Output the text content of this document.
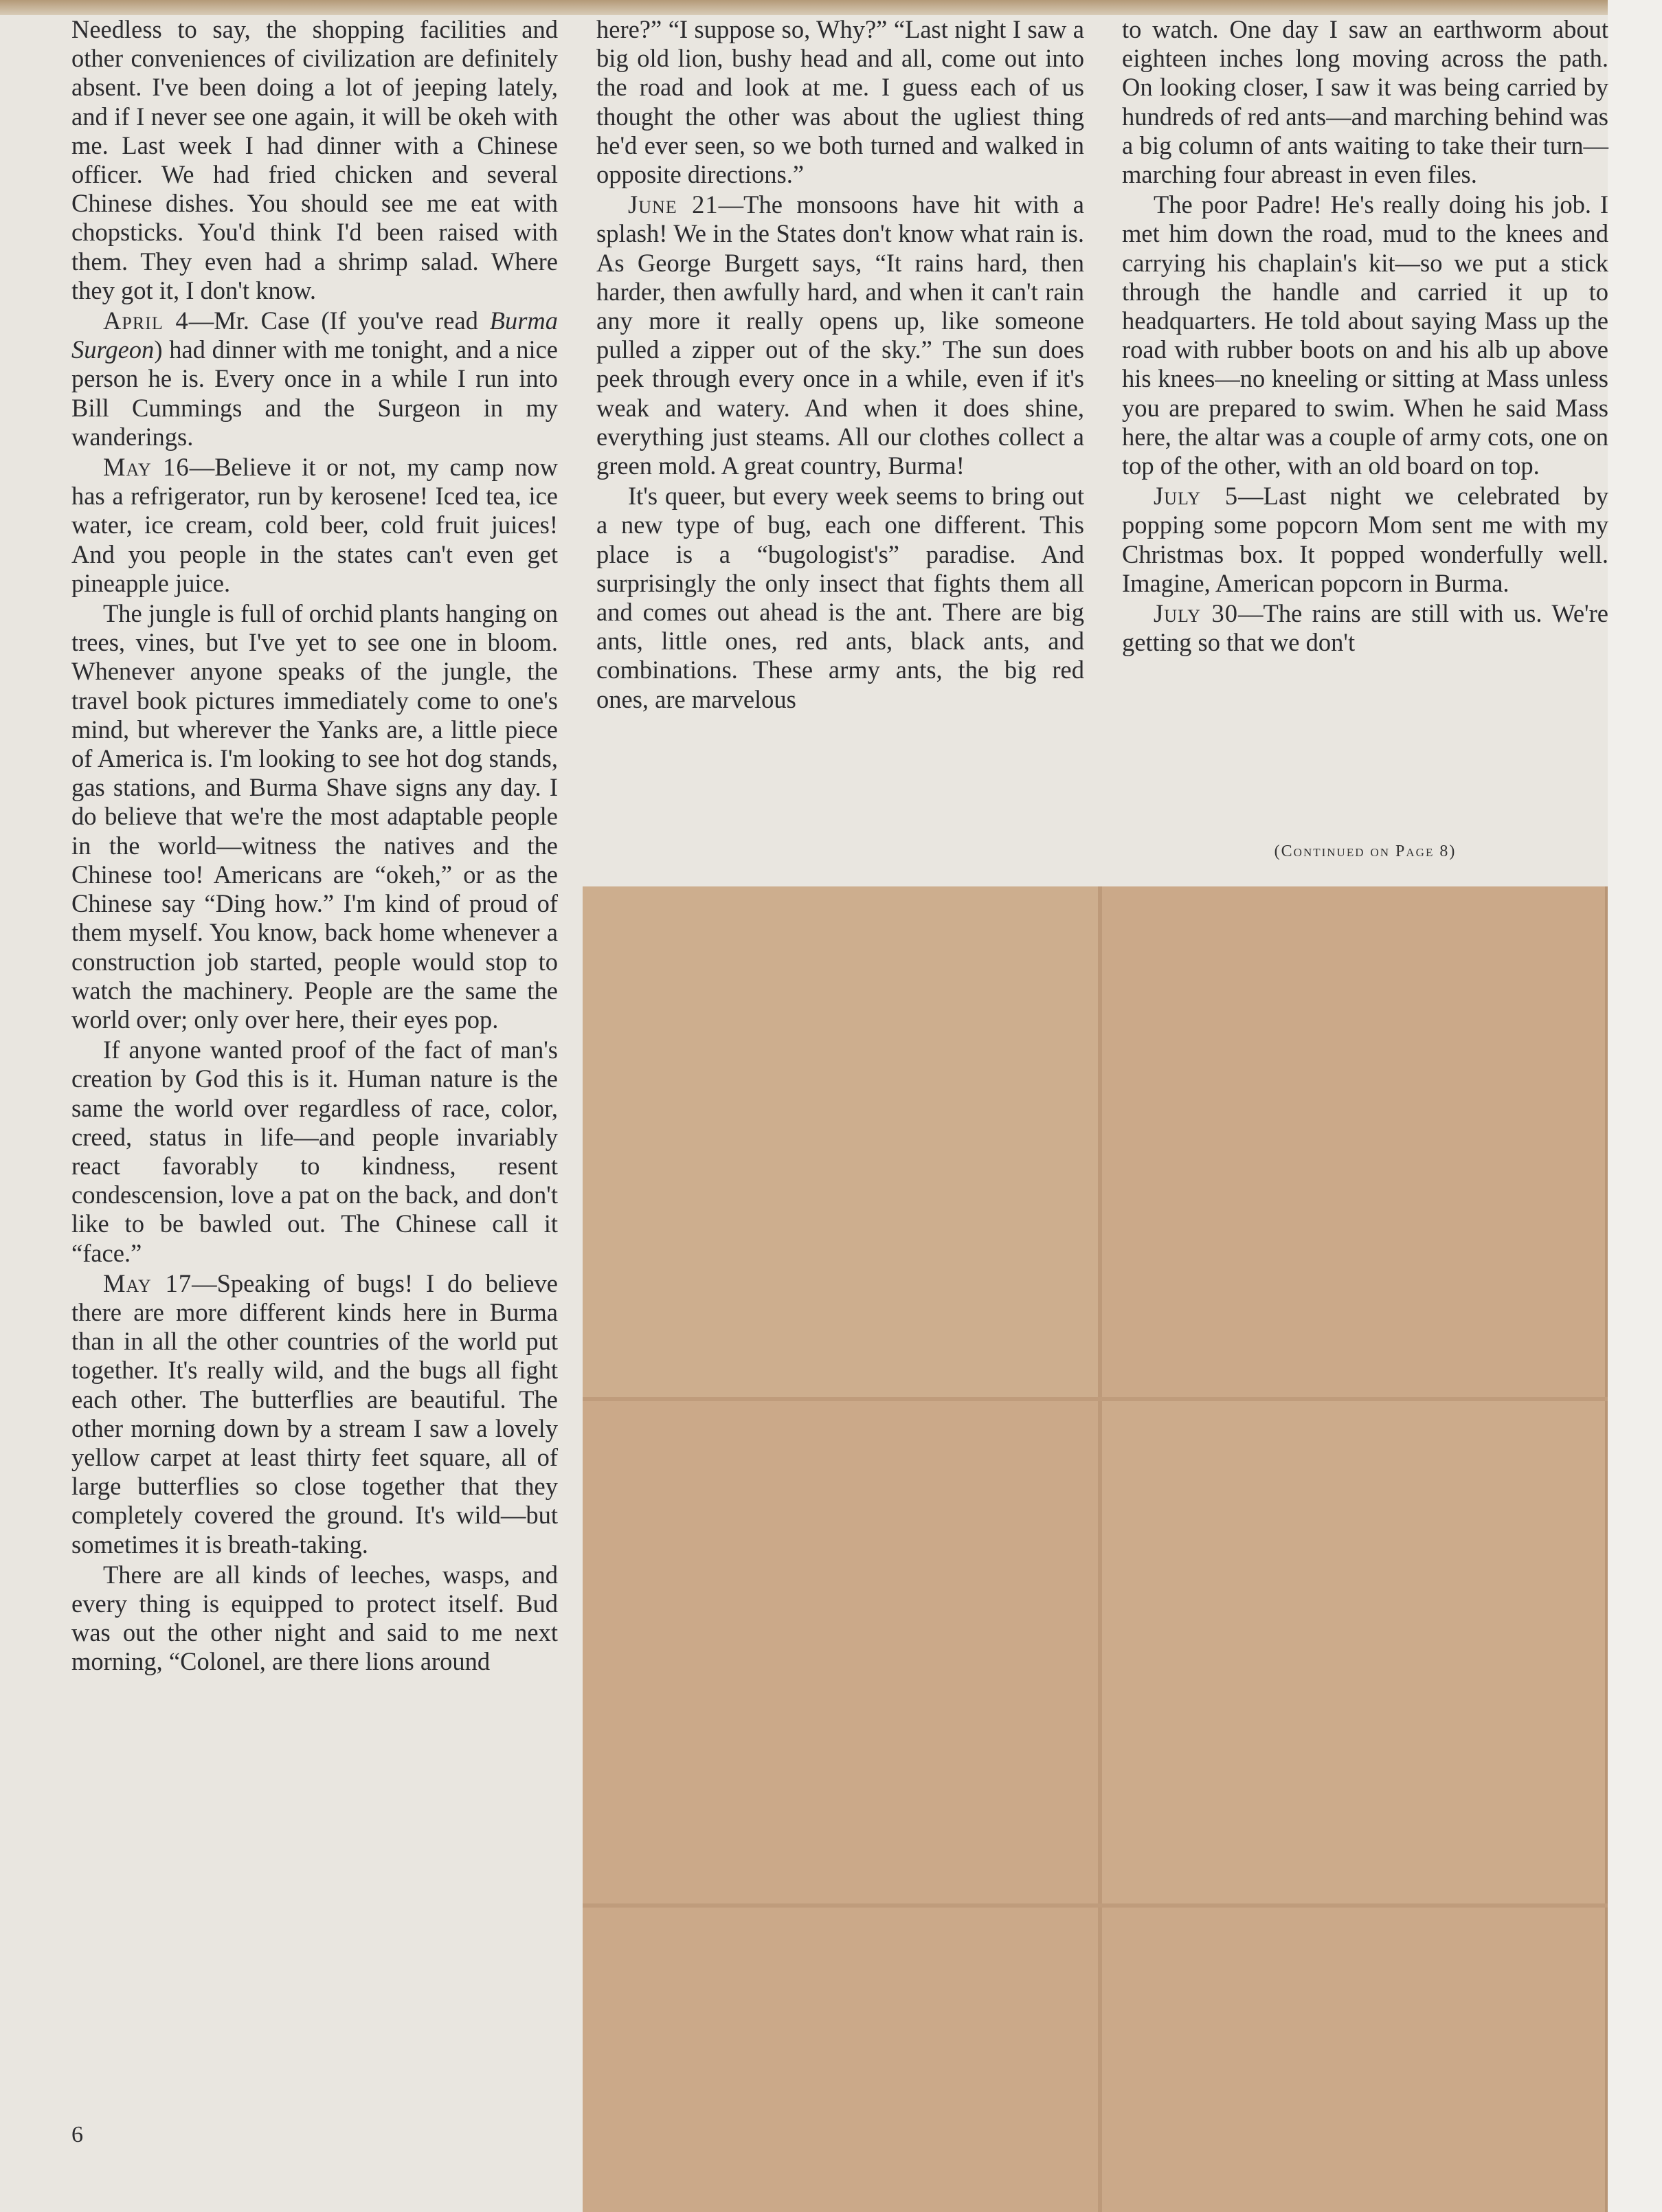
Needless to say, the shopping facilities and other conveniences of civilization are definitely absent. I've been doing a lot of jeeping lately, and if I never see one again, it will be okeh with me. Last week I had dinner with a Chinese officer. We had fried chicken and several Chinese dishes. You should see me eat with chopsticks. You'd think I'd been raised with them. They even had a shrimp salad. Where they got it, I don't know.

April 4—Mr. Case (If you've read Burma Surgeon) had dinner with me tonight, and a nice person he is. Every once in a while I run into Bill Cummings and the Surgeon in my wanderings.

May 16—Believe it or not, my camp now has a refrigerator, run by kerosene! Iced tea, ice water, ice cream, cold beer, cold fruit juices! And you people in the states can't even get pineapple juice.

The jungle is full of orchid plants hanging on trees, vines, but I've yet to see one in bloom. Whenever anyone speaks of the jungle, the travel book pictures immediately come to one's mind, but wherever the Yanks are, a little piece of America is. I'm looking to see hot dog stands, gas stations, and Burma Shave signs any day. I do believe that we're the most adaptable people in the world—witness the natives and the Chinese too! Americans are “okeh,” or as the Chinese say “Ding how.” I'm kind of proud of them myself. You know, back home whenever a construction job started, people would stop to watch the machinery. People are the same the world over; only over here, their eyes pop.

If anyone wanted proof of the fact of man's creation by God this is it. Human nature is the same the world over regardless of race, color, creed, status in life—and people invariably react favorably to kindness, resent condescension, love a pat on the back, and don't like to be bawled out. The Chinese call it “face.”

May 17—Speaking of bugs! I do believe there are more different kinds here in Burma than in all the other countries of the world put together. It's really wild, and the bugs all fight each other. The butterflies are beautiful. The other morning down by a stream I saw a lovely yellow carpet at least thirty feet square, all of large butterflies so close together that they completely covered the ground. It's wild—but sometimes it is breath-taking.

There are all kinds of leeches, wasps, and every thing is equipped to protect itself. Bud was out the other night and said to me next morning, “Colonel, are there lions around

here?” “I suppose so, Why?” “Last night I saw a big old lion, bushy head and all, come out into the road and look at me. I guess each of us thought the other was about the ugliest thing he'd ever seen, so we both turned and walked in opposite directions.”

June 21—The monsoons have hit with a splash! We in the States don't know what rain is. As George Burgett says, “It rains hard, then harder, then awfully hard, and when it can't rain any more it really opens up, like someone pulled a zipper out of the sky.” The sun does peek through every once in a while, even if it's weak and watery. And when it does shine, everything just steams. All our clothes collect a green mold. A great country, Burma!

It's queer, but every week seems to bring out a new type of bug, each one different. This place is a “bugologist's” paradise. And surprisingly the only insect that fights them all and comes out ahead is the ant. There are big ants, little ones, red ants, black ants, and combinations. These army ants, the big red ones, are marvelous

to watch. One day I saw an earthworm about eighteen inches long moving across the path. On looking closer, I saw it was being carried by hundreds of red ants—and marching behind was a big column of ants waiting to take their turn—marching four abreast in even files.

The poor Padre! He's really doing his job. I met him down the road, mud to the knees and carrying his chaplain's kit—so we put a stick through the handle and carried it up to headquarters. He told about saying Mass up the road with rubber boots on and his alb up above his knees—no kneeling or sitting at Mass unless you are prepared to swim. When he said Mass here, the altar was a couple of army cots, one on top of the other, with an old board on top.

July 5—Last night we celebrated by popping some popcorn Mom sent me with my Christmas box. It popped wonderfully well. Imagine, American popcorn in Burma.

July 30—The rains are still with us. We're getting so that we don't

(Continued on Page 8)
6
